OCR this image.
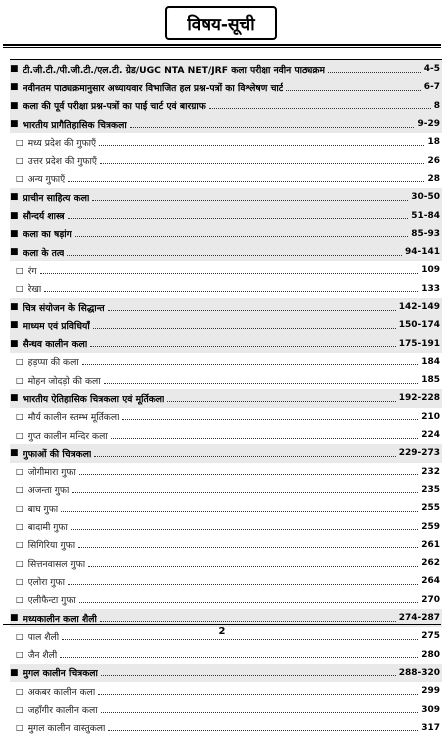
विषय-सूची
■ टी.जी.टी./पी.जी.टी./एल.टी. ग्रेड/UGC NTA NET/JRF कला परीक्षा नवीन पाठ्यक्रम	4-5
■ नवीनतम पाठ्यक्रमानुसार अध्यायवार विभाजित हल प्रश्न-पत्रों का विश्लेषण चार्ट	6-7
■ कला की पूर्व परीक्षा प्रश्न-पत्रों का पाई चार्ट एवं बारग्राफ	8
■ भारतीय प्रागैतिहासिक चित्रकला	9-29
□ मध्य प्रदेश की गुफाएँ	18
□ उत्तर प्रदेश की गुफाएँ	26
□ अन्य गुफाएँ	28
■ प्राचीन साहित्य कला	30-50
■ सौन्दर्य शास्त्र	51-84
■ कला का षड़ांग	85-93
■ कला के तत्व	94-141
□ रंग	109
□ रेखा	133
■ चित्र संयोजन के सिद्धान्त	142-149
■ माध्यम एवं प्रविधियाँ	150-174
■ सैन्धव कालीन कला	175-191
□ हड़प्पा की कला	184
□ मोहन जोदड़ो की कला	185
■ भारतीय ऐतिहासिक चित्रकला एवं मूर्तिकला	192-228
□ मौर्य कालीन स्तम्भ मूर्तिकला	210
□ गुप्त कालीन मन्दिर कला	224
■ गुफाओं की चित्रकला	229-273
□ जोगीमारा गुफा	232
□ अजन्ता गुफा	235
□ बाघ गुफा	255
□ बादामी गुफा	259
□ सिगिरिया गुफा	261
□ सित्तनवासल गुफा	262
□ एलोरा गुफा	264
□ एलीफैन्टा गुफा	270
■ मध्यकालीन कला शैली	274-287
□ पाल शैली	275
□ जैन शैली	280
■ मुगल कालीन चित्रकला	288-320
□ अकबर कालीन कला	299
□ जहाँगीर कालीन कला	309
□ मुगल कालीन वास्तुकला	317
2
